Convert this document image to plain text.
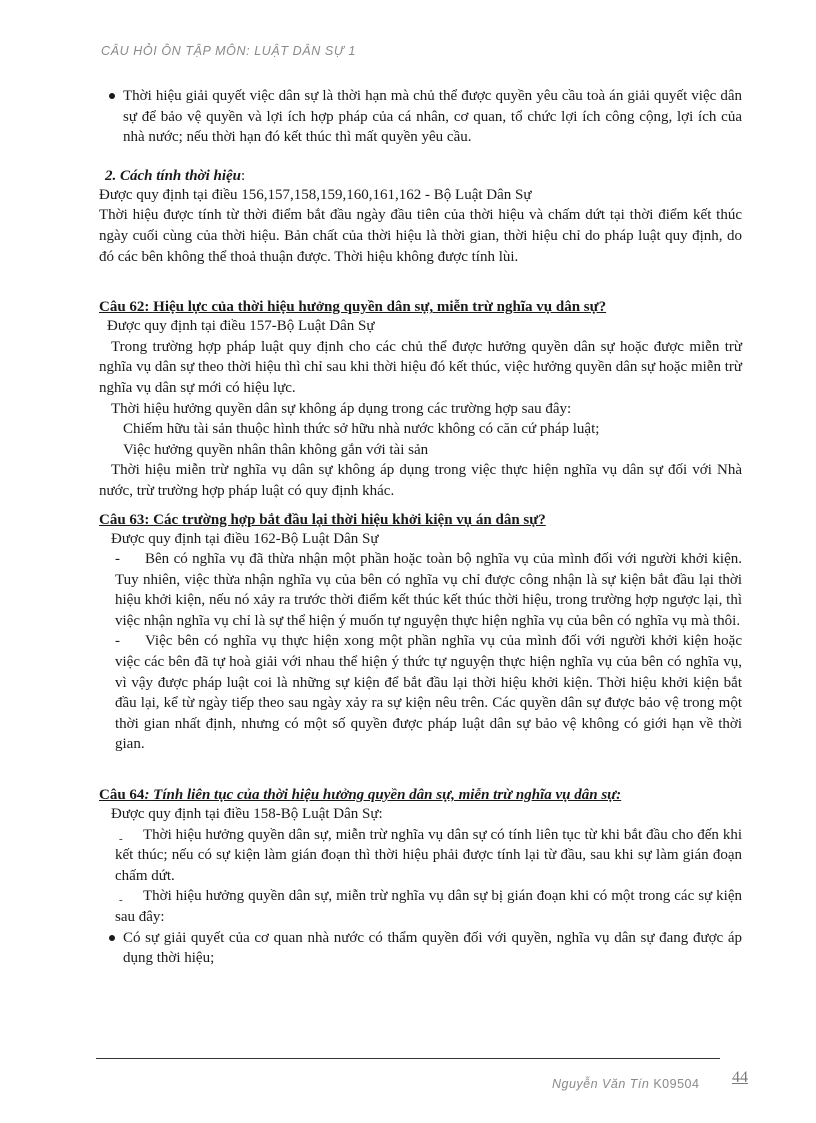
CÂU HỎI ÔN TẬP MÔN: LUẬT DÂN SỰ 1

Thời hiệu giải quyết việc dân sự là thời hạn mà chủ thể được quyền yêu cầu toà án giải quyết việc dân sự để bảo vệ quyền và lợi ích hợp pháp của cá nhân, cơ quan, tổ chức lợi ích công cộng, lợi ích của nhà nước; nếu thời hạn đó kết thúc thì mất quyền yêu cầu.

2. Cách tính thời hiệu:

Được quy định tại điều 156,157,158,159,160,161,162 - Bộ Luật Dân Sự

Thời hiệu được tính từ thời điểm bắt đầu ngày đầu tiên của thời hiệu và chấm dứt tại thời điểm kết thúc ngày cuối cùng của thời hiệu. Bản chất của thời hiệu là thời gian, thời hiệu chỉ do pháp luật quy định, do đó các bên không thể thoả thuận được. Thời hiệu không được tính lùi.

Câu 62: Hiệu lực của thời hiệu hưởng quyền dân sự, miễn trừ nghĩa vụ dân sự?

Được quy định tại điều 157-Bộ Luật Dân Sự

Trong trường hợp pháp luật quy định cho các chủ thể được hưởng quyền dân sự hoặc được miễn trừ nghĩa vụ dân sự theo thời hiệu thì chỉ sau khi thời hiệu đó kết thúc, việc hưởng quyền dân sự hoặc miễn trừ nghĩa vụ dân sự mới có hiệu lực.

Thời hiệu hưởng quyền dân sự không áp dụng trong các trường hợp sau đây:

Chiếm hữu tài sản thuộc hình thức sở hữu nhà nước không có căn cứ pháp luật;

Việc hưởng quyền nhân thân không gắn với tài sản

Thời hiệu miễn trừ nghĩa vụ dân sự không áp dụng trong việc thực hiện nghĩa vụ dân sự đối với Nhà nước, trừ trường hợp pháp luật có quy định khác.

Câu 63: Các trường hợp bắt đầu lại thời hiệu khởi kiện vụ án dân sự?

Được quy định tại điều 162-Bộ Luật Dân Sự

-	Bên có nghĩa vụ đã thừa nhận một phần hoặc toàn bộ nghĩa vụ của mình đối với người khởi kiện. Tuy nhiên, việc thừa nhận nghĩa vụ của bên có nghĩa vụ chỉ được công nhận là sự kiện bắt đầu lại thời hiệu khởi kiện, nếu nó xảy ra trước thời điểm kết thúc kết thúc thời hiệu, trong trường hợp ngược lại, thì việc nhận nghĩa vụ chỉ là sự thể hiện ý muốn tự nguyện thực hiện nghĩa vụ của bên có nghĩa vụ mà thôi.

-	Việc bên có nghĩa vụ thực hiện xong một phần nghĩa vụ của mình đối với người khởi kiện hoặc việc các bên đã tự hoà giải với nhau thể hiện ý thức tự nguyện thực hiện nghĩa vụ của bên có nghĩa vụ, vì vậy được pháp luật coi là những sự kiện để bắt đầu lại thời hiệu khởi kiện. Thời hiệu khởi kiện bắt đầu lại, kể từ ngày tiếp theo sau ngày xảy ra sự kiện nêu trên. Các quyền dân sự được bảo vệ trong một thời gian nhất định, nhưng có một số quyền được pháp luật dân sự bảo vệ không có giới hạn về thời gian.

Câu 64: Tính liên tục của thời hiệu hưởng quyền dân sự, miễn trừ nghĩa vụ dân sự:

Được quy định tại điều 158-Bộ Luật Dân Sự:

-	Thời hiệu hưởng quyền dân sự, miễn trừ nghĩa vụ dân sự có tính liên tục từ khi bắt đầu cho đến khi kết thúc; nếu có sự kiện làm gián đoạn thì thời hiệu phải được tính lại từ đầu, sau khi sự làm gián đoạn chấm dứt.

-	Thời hiệu hưởng quyền dân sự, miễn trừ nghĩa vụ dân sự bị gián đoạn khi có một trong các sự kiện sau đây:

Có sự giải quyết của cơ quan nhà nước có thẩm quyền đối với quyền, nghĩa vụ dân sự đang được áp dụng thời hiệu;

Nguyễn Văn Tín K09504 44
